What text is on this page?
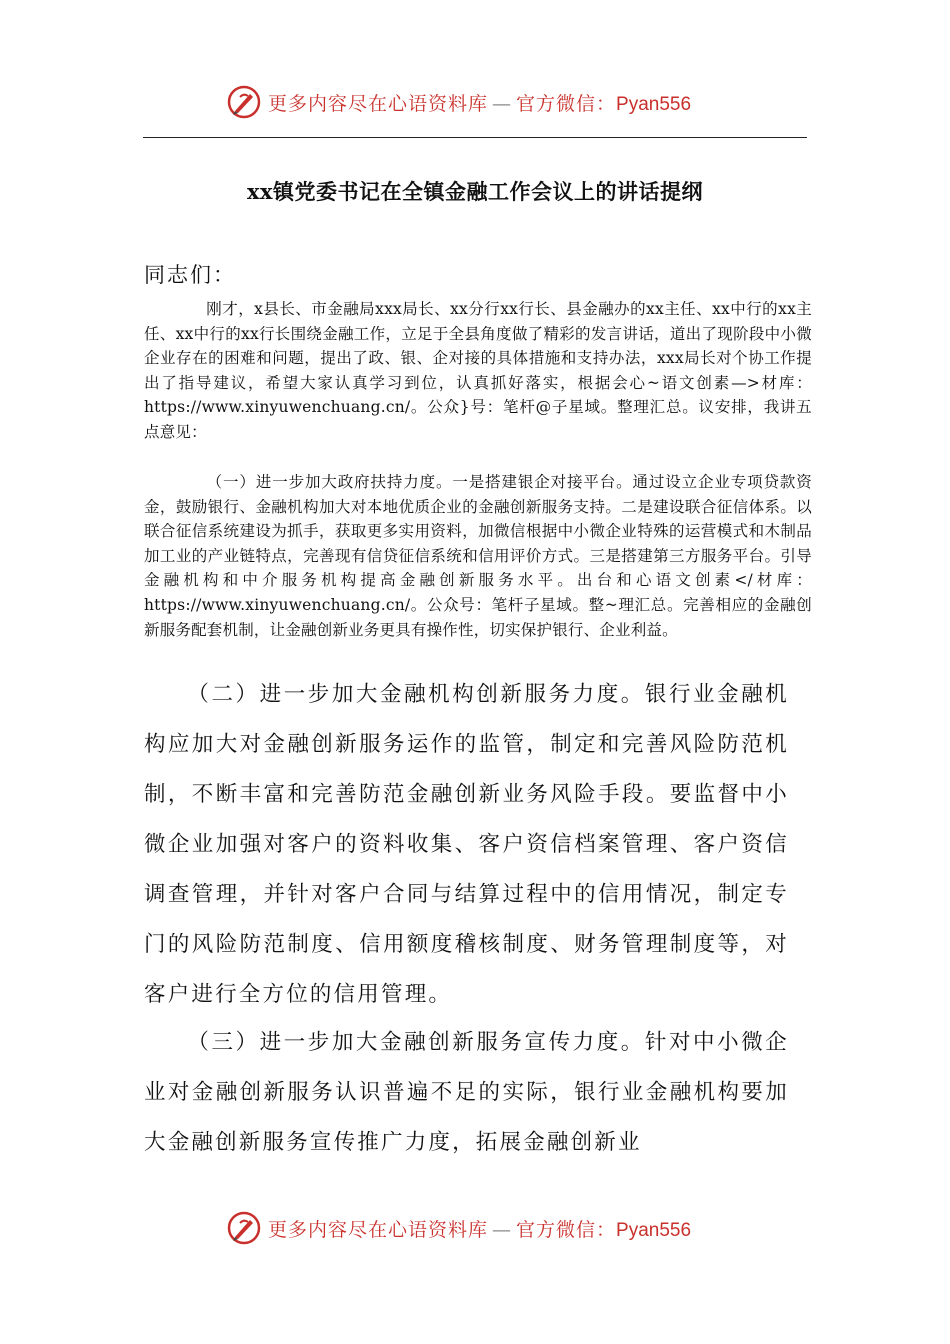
更多内容尽在心语资料库 — 官方微信：Pyan556
xx镇党委书记在全镇金融工作会议上的讲话提纲
同志们：
刚才，x县长、市金融局xxx局长、xx分行xx行长、县金融办的xx主任、xx中行的xx主任、xx中行的xx行长围绕金融工作，立足于全县角度做了精彩的发言讲话，道出了现阶段中小微企业存在的困难和问题，提出了政、银、企对接的具体措施和支持办法，xxx局长对个协工作提出了指导建议，希望大家认真学习到位，认真抓好落实，根据会心~语文创素—>材库：https://www.xinyuwenchuang.cn/。公众}号：笔杆@子星域。整理汇总。议安排，我讲五点意见：
（一）进一步加大政府扶持力度。一是搭建银企对接平台。通过设立企业专项贷款资金，鼓励银行、金融机构加大对本地优质企业的金融创新服务支持。二是建设联合征信体系。以联合征信系统建设为抓手，获取更多实用资料，加微信根据中小微企业特殊的运营模式和木制品加工业的产业链特点，完善现有信贷征信系统和信用评价方式。三是搭建第三方服务平台。引导金融机构和中介服务机构提高金融创新服务水平。出台和心语文创素</材库：https://www.xinyuwenchuang.cn/。公众号：笔杆子星域。整~理汇总。完善相应的金融创新服务配套机制，让金融创新业务更具有操作性，切实保护银行、企业利益。
（二）进一步加大金融机构创新服务力度。银行业金融机构应加大对金融创新服务运作的监管，制定和完善风险防范机制，不断丰富和完善防范金融创新业务风险手段。要监督中小微企业加强对客户的资料收集、客户资信档案管理、客户资信调查管理，并针对客户合同与结算过程中的信用情况，制定专门的风险防范制度、信用额度稽核制度、财务管理制度等，对客户进行全方位的信用管理。
（三）进一步加大金融创新服务宣传力度。针对中小微企业对金融创新服务认识普遍不足的实际，银行业金融机构要加大金融创新服务宣传推广力度，拓展金融创新业
更多内容尽在心语资料库 — 官方微信：Pyan556
